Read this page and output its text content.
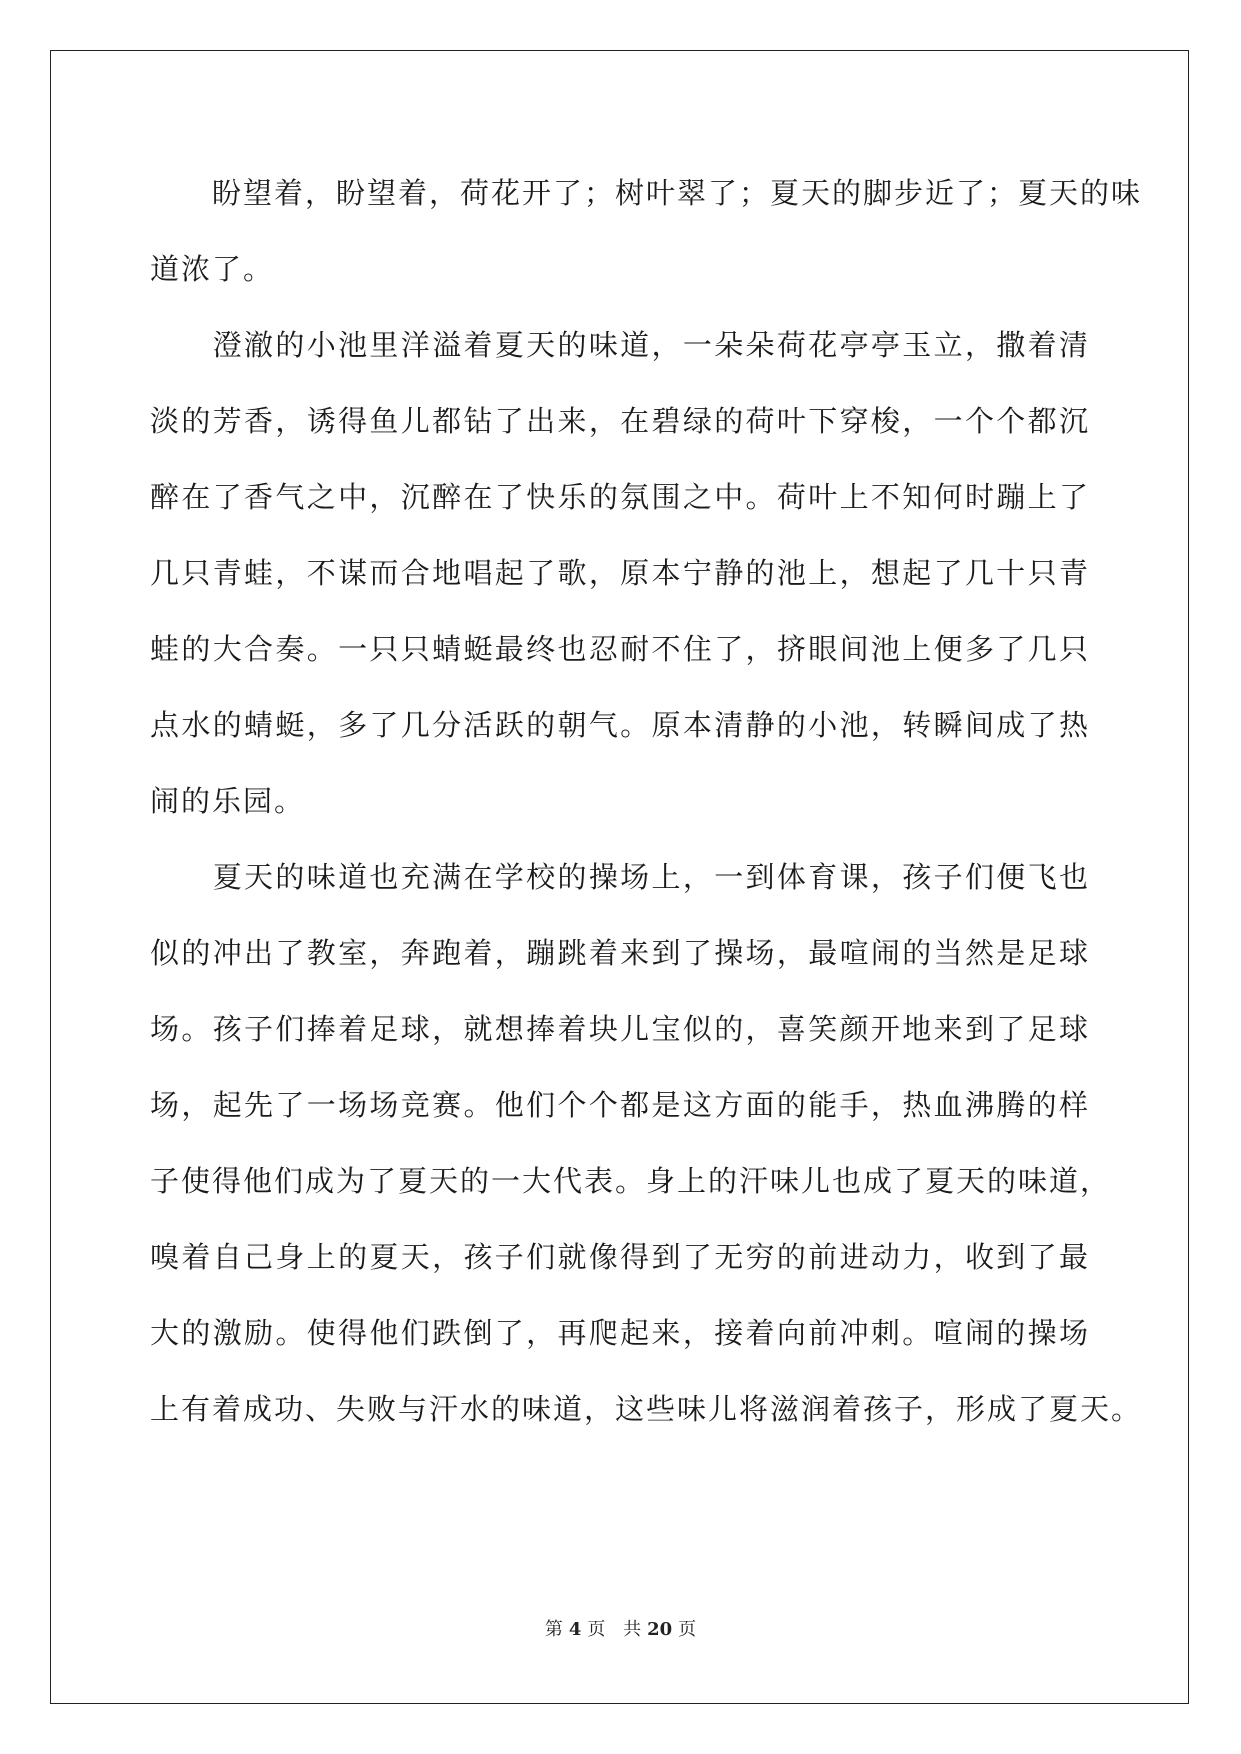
　　盼望着，盼望着，荷花开了；树叶翠了；夏天的脚步近了；夏天的味
道浓了。
　　澄澈的小池里洋溢着夏天的味道，一朵朵荷花亭亭玉立，撒着清
淡的芳香，诱得鱼儿都钻了出来，在碧绿的荷叶下穿梭，一个个都沉
醉在了香气之中，沉醉在了快乐的氛围之中。荷叶上不知何时蹦上了
几只青蛙，不谋而合地唱起了歌，原本宁静的池上，想起了几十只青
蛙的大合奏。一只只蜻蜓最终也忍耐不住了，挤眼间池上便多了几只
点水的蜻蜓，多了几分活跃的朝气。原本清静的小池，转瞬间成了热
闹的乐园。
　　夏天的味道也充满在学校的操场上，一到体育课，孩子们便飞也
似的冲出了教室，奔跑着，蹦跳着来到了操场，最喧闹的当然是足球
场。孩子们捧着足球，就想捧着块儿宝似的，喜笑颜开地来到了足球
场，起先了一场场竞赛。他们个个都是这方面的能手，热血沸腾的样
子使得他们成为了夏天的一大代表。身上的汗味儿也成了夏天的味道，
嗅着自己身上的夏天，孩子们就像得到了无穷的前进动力，收到了最
大的激励。使得他们跌倒了，再爬起来，接着向前冲刺。喧闹的操场
上有着成功、失败与汗水的味道，这些味儿将滋润着孩子，形成了夏天。
第 4 页 共 20 页
